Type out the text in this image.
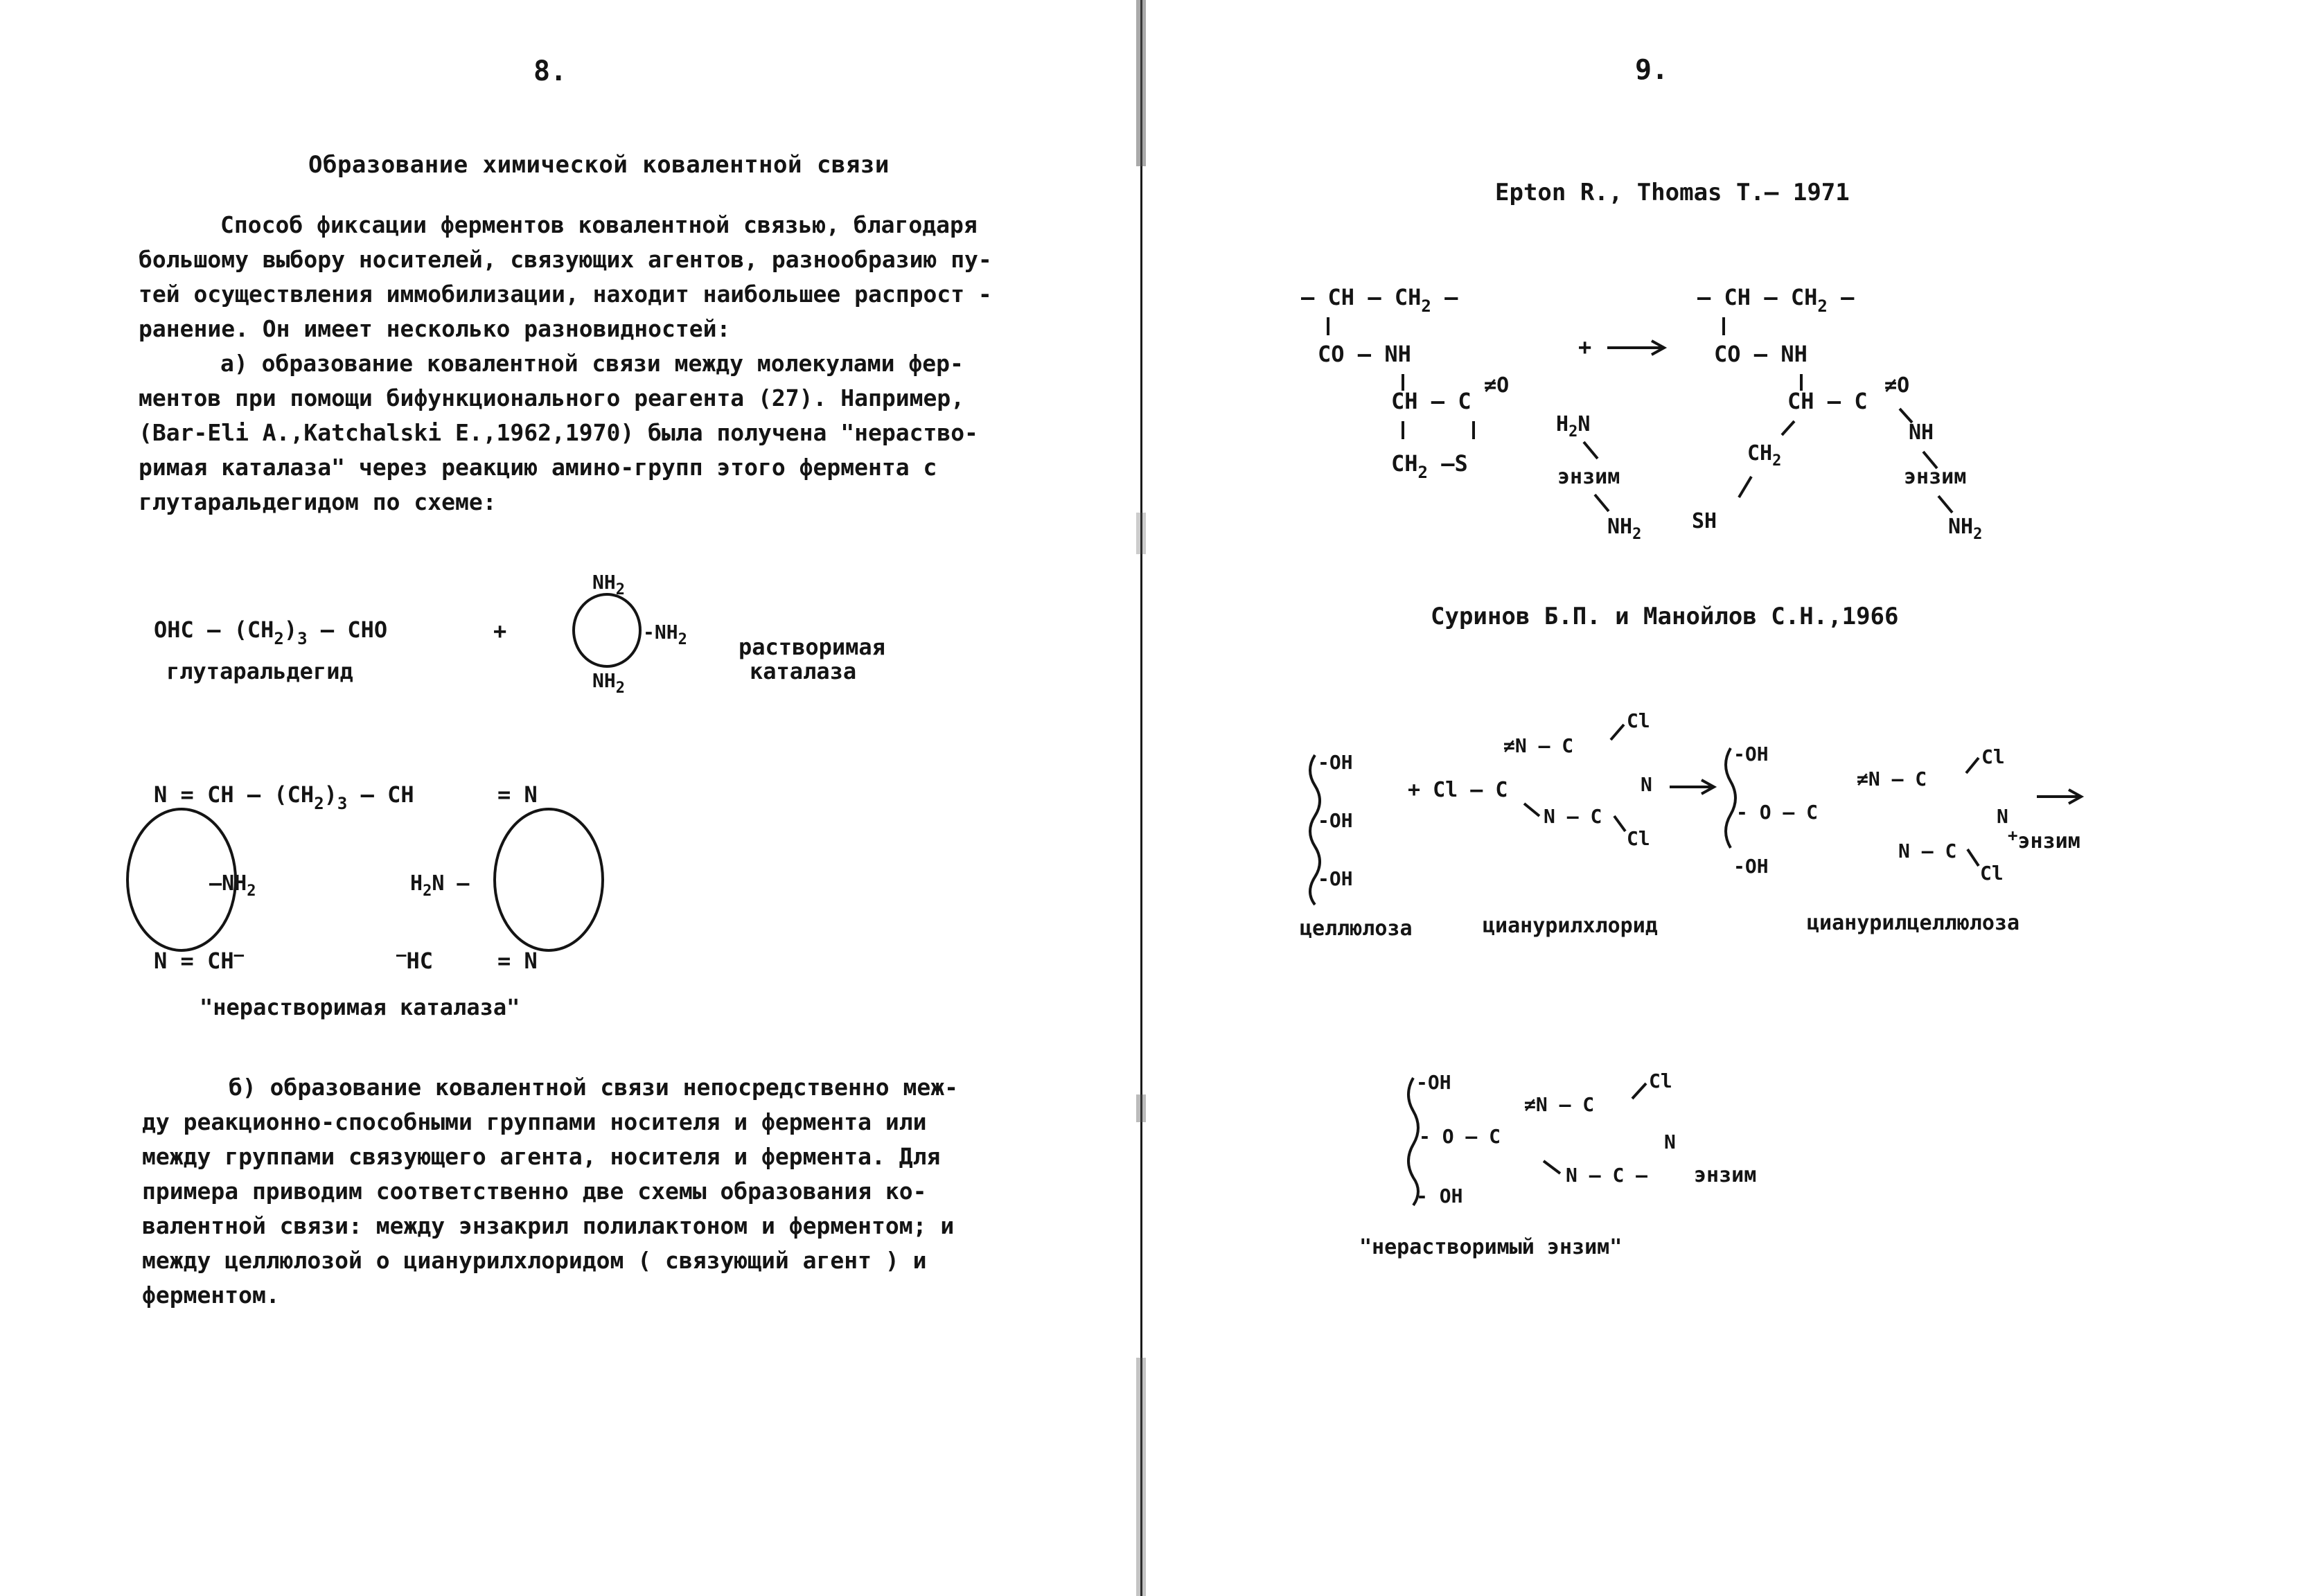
8.
Образование химической ковалентной связи
Способ фиксации ферментов ковалентной связью, благодаря
большому выбору носителей, связующих агентов, разнообразию пу-
тей осуществления иммобилизации, находит наибольшее распрост -
ранение. Он имеет несколько разновидностей:
а) образование ковалентной связи между молекулами фер-
ментов при помощи бифункционального реагента (27). Например,
(Bar-Eli A.,Katchalski E.,1962,1970) была получена "нераство-
римая каталаза" через реакцию амино-групп этого фермента с
глутаральдегидом по схеме:
OHC – $(CH_2)_3$ – CHO
глутаральдегид
+
$NH_2$
$-NH_2$
$NH_2$
растворимая
каталаза
N = CH – $(CH_2)_3$ – CH	= N
$-NH_2$	$H_2N$ –
N = CH–	–HC	= N
"нерастворимая каталаза"
б) образование ковалентной связи непосредственно меж-
ду реакционно-способными группами носителя и фермента или
между группами связующего агента, носителя и фермента. Для
примера приводим соответственно две схемы образования ко-
валентной связи: между энзакрил полилактоном и ферментом; и
между целлюлозой о цианурилхлоридом ( связующий агент ) и
ферментом.
9.
Epton R., Thomas T.– 1971
– CH – $CH_2$ –
CO – NH
CH – C
≠O
$CH_2$ –S
$H_2N$
энзим
$NH_2$
+
– CH – $CH_2$ –
CO – NH
CH – C
≠O
NH
энзим
$NH_2$
$CH_2$
SH
Суринов Б.П. и Манойлов С.Н.,1966
-OH
-OH
-OH
+ Cl – C
≠N – C
Cl
N
N – C
Cl
-OH
- O – C
-OH
≠N – C
Cl
N
N – C
Cl
+энзим
целлюлоза	цианурилхлорид	цианурилцеллюлоза
-OH
- O – C
- OH
≠N – C
Cl
N
N – C – энзим
"нерастворимый энзим"
